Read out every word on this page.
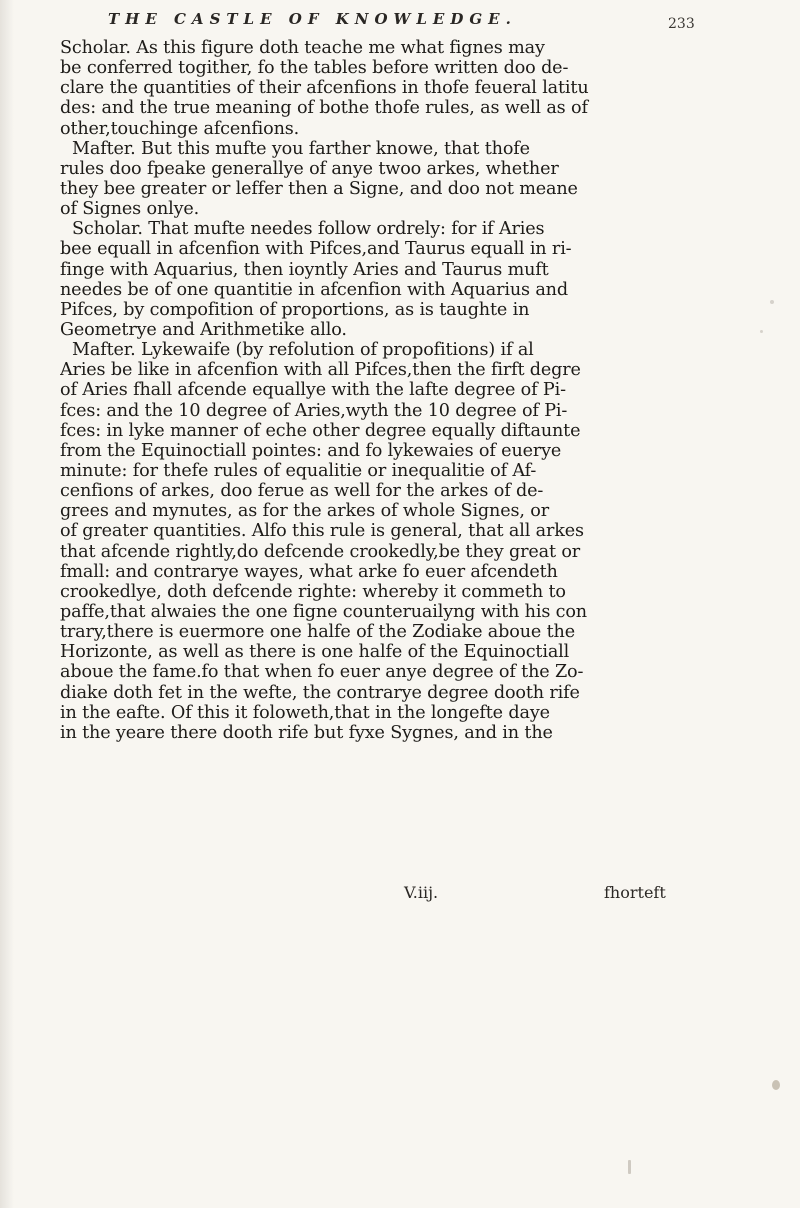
THE CASTLE OF KNOWLEDGE.	233
Scholar. As this figure doth teache me what fignes may
be conferred togither, fo the tables before written doo de-
clare the quantities of their afcenfions in thofe feueral latitu
des: and the true meaning of bothe thofe rules, as well as of
other,touchinge afcenfions.
Mafter. But this mufte you farther knowe, that thofe
rules doo fpeake generallye of anye twoo arkes, whether
they bee greater or leffer then a Signe, and doo not meane
of Signes onlye.
Scholar. That mufte needes follow ordrely: for if Aries
bee equall in afcenfion with Pifces,and Taurus equall in ri-
finge with Aquarius, then ioyntly Aries and Taurus muft
needes be of one quantitie in afcenfion with Aquarius and
Pifces, by compofition of proportions, as is taughte in
Geometrye and Arithmetike allo.
Mafter. Lykewaife (by refolution of propofitions) if al
Aries be like in afcenfion with all Pifces,then the firft degre
of Aries fhall afcende equallye with the lafte degree of Pi-
fces: and the 10 degree of Aries,wyth the 10 degree of Pi-
fces: in lyke manner of eche other degree equally diftaunte
from the Equinoctiall pointes: and fo lykewaies of euerye
minute: for thefe rules of equalitie or inequalitie of Af-
cenfions of arkes, doo ferue as well for the arkes of de-
grees and mynutes, as for the arkes of whole Signes, or
of greater quantities. Alfo this rule is general, that all arkes
that afcende rightly,do defcende crookedly,be they great or
fmall: and contrarye wayes, what arke fo euer afcendeth
crookedlye, doth defcende righte: whereby it commeth to
paffe,that alwaies the one figne counteruailyng with his con
trary,there is euermore one halfe of the Zodiake aboue the
Horizonte, as well as there is one halfe of the Equinoctiall
aboue the fame.fo that when fo euer anye degree of the Zo-
diake doth fet in the wefte, the contrarye degree dooth rife
in the eafte. Of this it foloweth,that in the longefte daye
in the yeare there dooth rife but fyxe Sygnes, and in the
V.iij.	fhorteft
